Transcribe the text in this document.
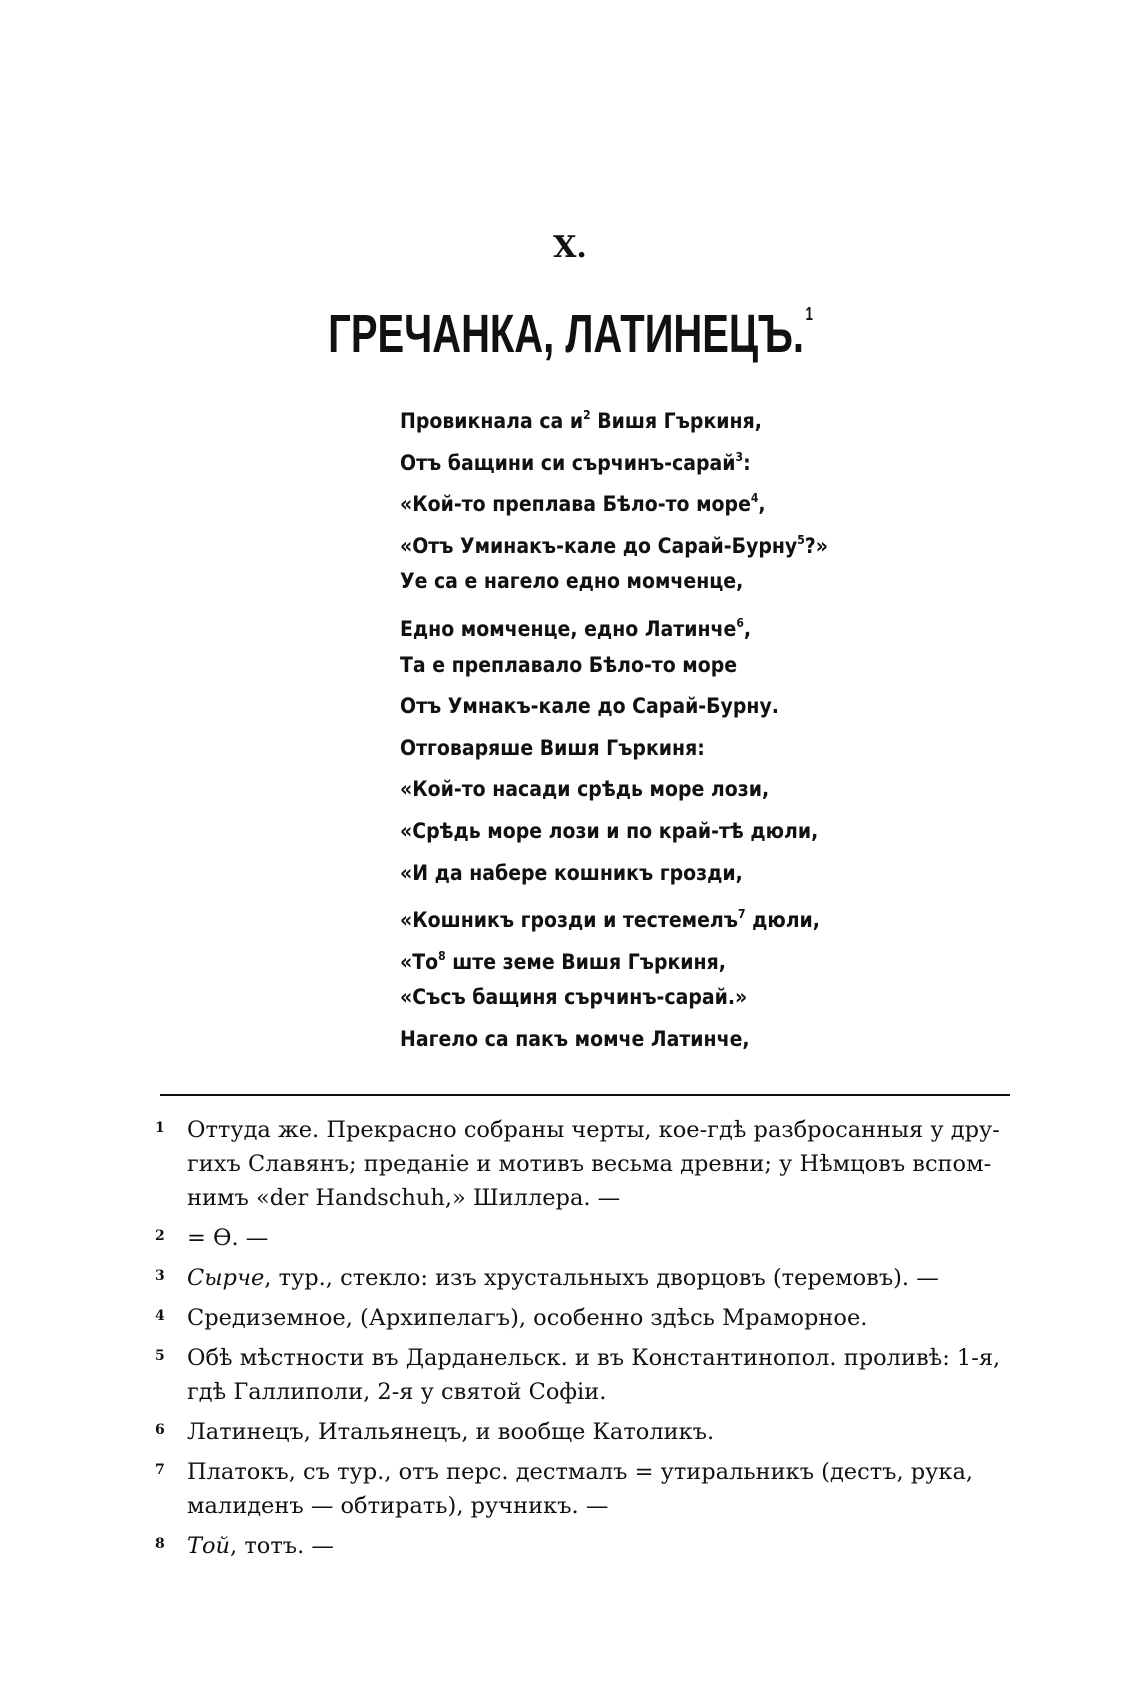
X.
ГРЕЧАНКА, ЛАТИНЕЦЪ.$^1$
Провикнала са $и^2$ Вишя Гъркиня,
Отъ бащини си сърчинъ-сарай$^3$:
«Кой-то преплава Бѣло-то море$^4$,
«Отъ Уминакъ-кале до Сарай-Бурну$^5$?»
Уе са е нагело едно момченце,
Едно момченце, едно Латинче$^6$,
Та е преплавало Бѣло-то море
Отъ Умнакъ-кале до Сарай-Бурну.
Отговаряше Вишя Гъркиня:
«Кой-то насади срѣдь море лози,
«Срѣдь море лози и по край-тѣ дюли,
«И да набере кошникъ грозди,
«Кошникъ грозди и тестемелъ$^7$ дюли,
«$То^8$ ште земе Вишя Гъркиня,
«Съсъ бащиня сърчинъ-сарай.»
Нагело са пакъ момче Латинче,
1 Оттуда же. Прекрасно собраны черты, кое-гдѣ разбросанныя у дру-
гихъ Славянъ; преданіе и мотивъ весьма древни; у Нѣмцовъ вспом-
нимъ «der Handschuh,» Шиллера. —
2 = Ѳ. —
3 Сырче, тур., стекло: изъ хрустальныхъ дворцовъ (теремовъ). —
4 Средиземное, (Архипелагъ), особенно здѣсь Мраморное.
5 Обѣ мѣстности въ Дарданельск. и въ Константинопол. проливѣ: 1-я,
гдѣ Галлиполи, 2-я у святой Софіи.
6 Латинецъ, Итальянецъ, и вообще Католикъ.
7 Платокъ, съ тур., отъ перс. дестмалъ = утиральникъ (дестъ, рука,
малиденъ — обтирать), ручникъ. —
8 Той, тотъ. —
